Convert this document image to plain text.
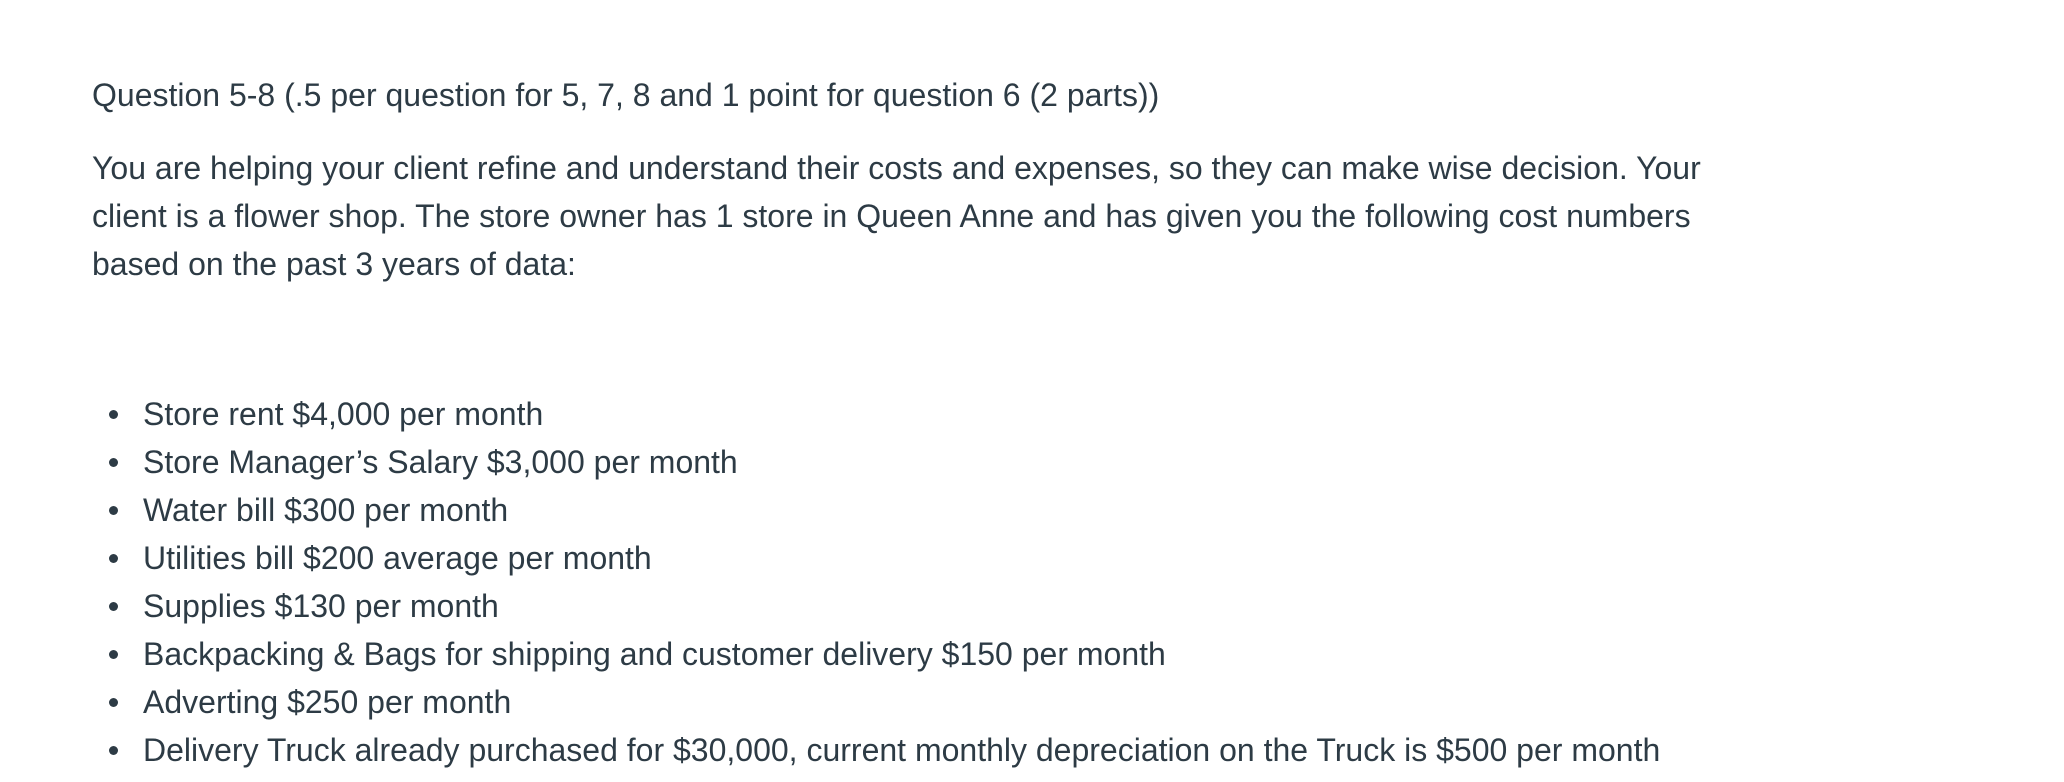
Question 5-8 (.5 per question for 5, 7, 8 and 1 point for question 6 (2 parts))

You are helping your client refine and understand their costs and expenses, so they can make wise decision. Your client is a flower shop. The store owner has 1 store in Queen Anne and has given you the following cost numbers based on the past 3 years of data:

Store rent $4,000 per month
Store Manager’s Salary $3,000 per month
Water bill $300 per month
Utilities bill $200 average per month
Supplies $130 per month
Backpacking & Bags for shipping and customer delivery $150 per month
Adverting $250 per month
Delivery Truck already purchased for $30,000, current monthly depreciation on the Truck is $500 per month
